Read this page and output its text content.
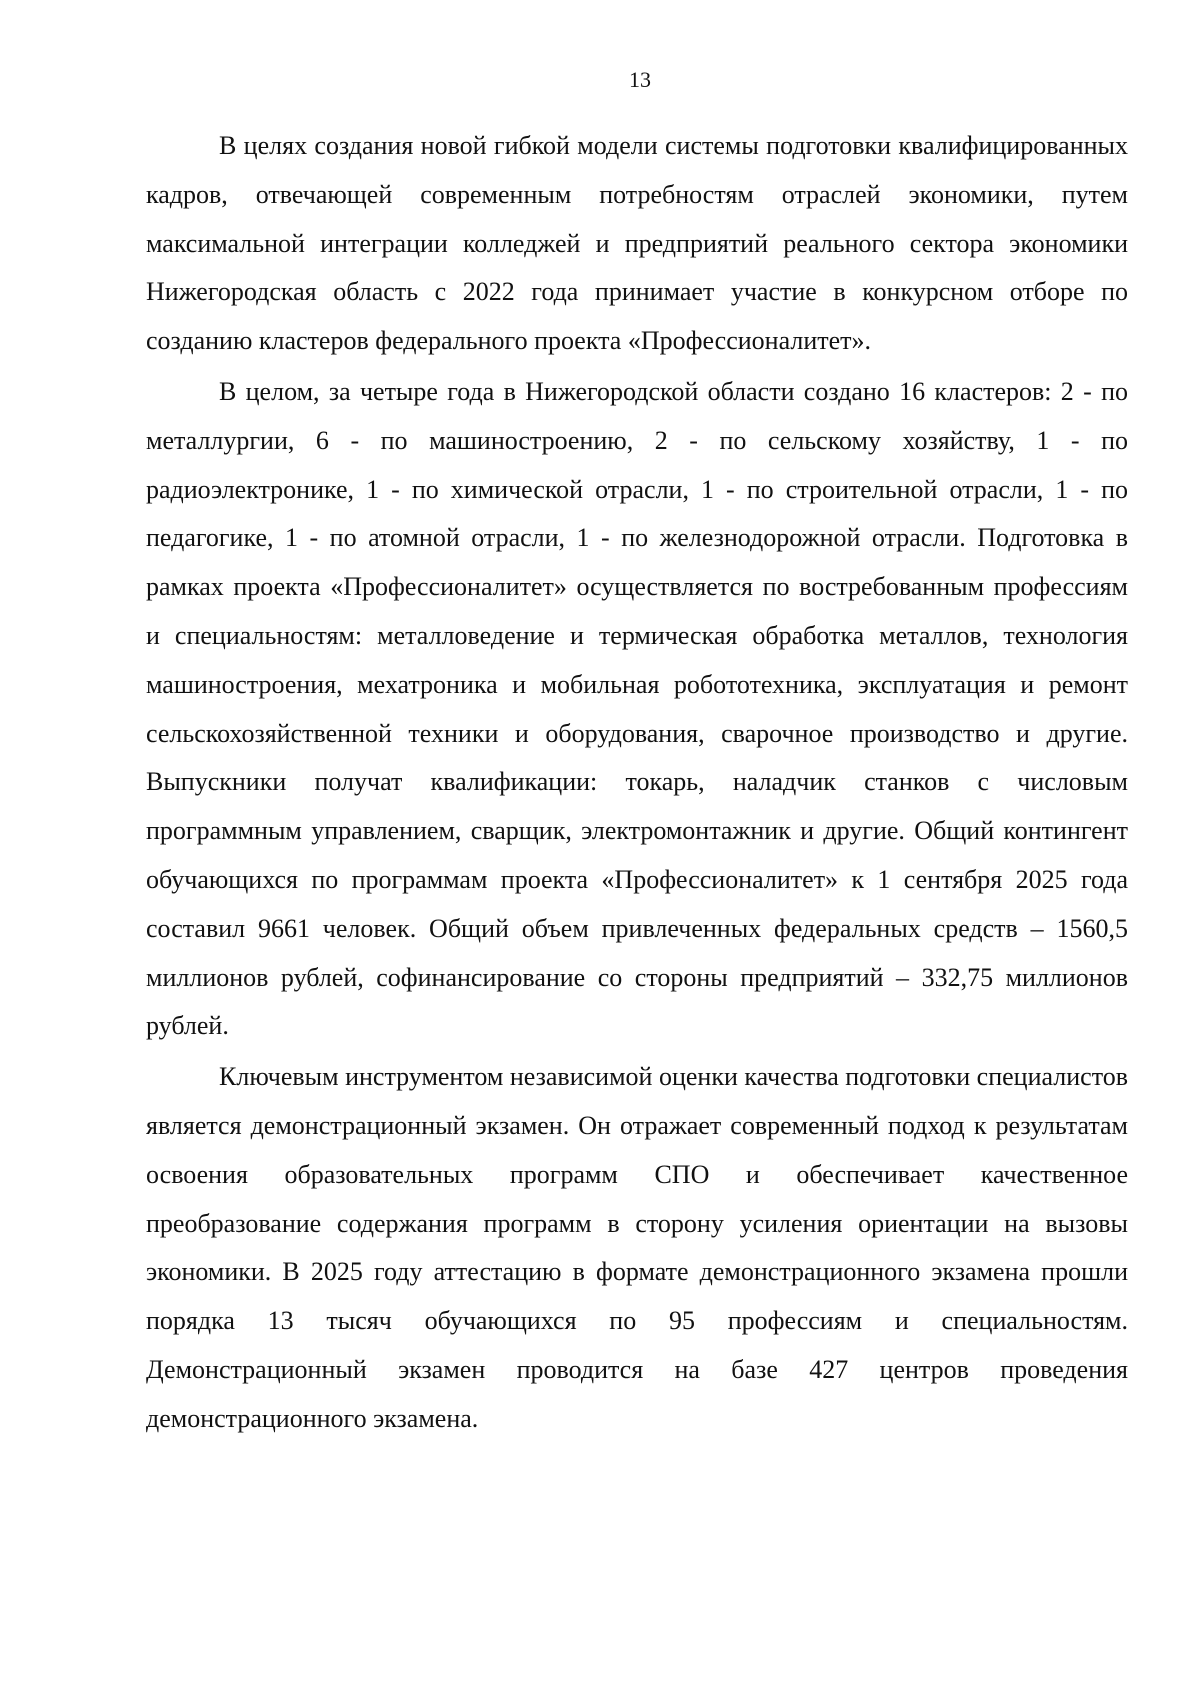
13

В целях создания новой гибкой модели системы подготовки квалифицированных кадров, отвечающей современным потребностям отраслей экономики, путем максимальной интеграции колледжей и предприятий реального сектора экономики Нижегородская область с 2022 года принимает участие в конкурсном отборе по созданию кластеров федерального проекта «Профессионалитет».

В целом, за четыре года в Нижегородской области создано 16 кластеров: 2 - по металлургии, 6 - по машиностроению, 2 - по сельскому хозяйству, 1 - по радиоэлектронике, 1 - по химической отрасли, 1 - по строительной отрасли, 1 - по педагогике, 1 - по атомной отрасли, 1 - по железнодорожной отрасли. Подготовка в рамках проекта «Профессионалитет» осуществляется по востребованным профессиям и специальностям: металловедение и термическая обработка металлов, технология машиностроения, мехатроника и мобильная робототехника, эксплуатация и ремонт сельскохозяйственной техники и оборудования, сварочное производство и другие. Выпускники получат квалификации: токарь, наладчик станков с числовым программным управлением, сварщик, электромонтажник и другие. Общий контингент обучающихся по программам проекта «Профессионалитет» к 1 сентября 2025 года составил 9661 человек. Общий объем привлеченных федеральных средств – 1560,5 миллионов рублей, софинансирование со стороны предприятий – 332,75 миллионов рублей.

Ключевым инструментом независимой оценки качества подготовки специалистов является демонстрационный экзамен. Он отражает современный подход к результатам освоения образовательных программ СПО и обеспечивает качественное преобразование содержания программ в сторону усиления ориентации на вызовы экономики. В 2025 году аттестацию в формате демонстрационного экзамена прошли порядка 13 тысяч обучающихся по 95 профессиям и специальностям. Демонстрационный экзамен проводится на базе 427 центров проведения демонстрационного экзамена.
